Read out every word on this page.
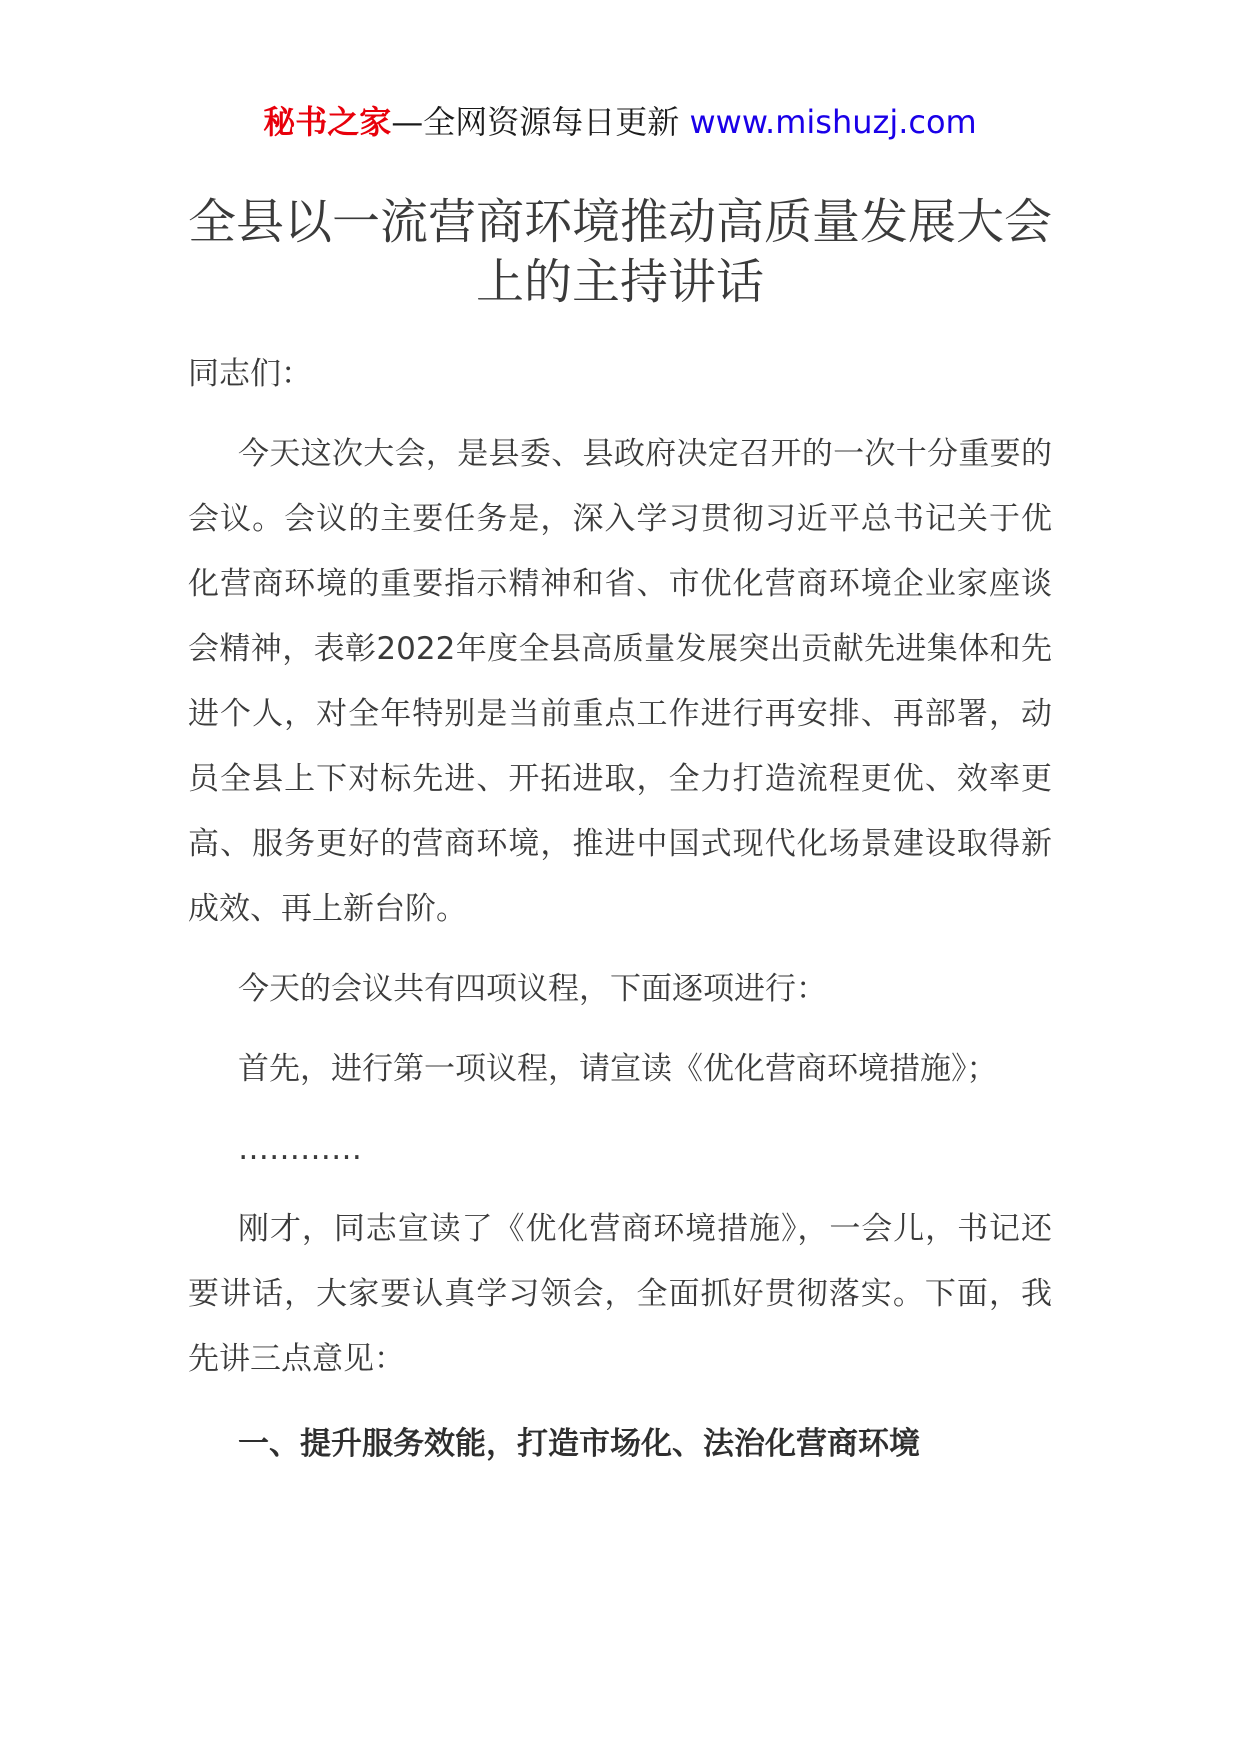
秘书之家—全网资源每日更新 www.mishuzj.com
全县以一流营商环境推动高质量发展大会上的主持讲话

同志们：

今天这次大会，是县委、县政府决定召开的一次十分重要的会议。会议的主要任务是，深入学习贯彻习近平总书记关于优化营商环境的重要指示精神和省、市优化营商环境企业家座谈会精神，表彰2022年度全县高质量发展突出贡献先进集体和先进个人，对全年特别是当前重点工作进行再安排、再部署，动员全县上下对标先进、开拓进取，全力打造流程更优、效率更高、服务更好的营商环境，推进中国式现代化场景建设取得新成效、再上新台阶。

今天的会议共有四项议程，下面逐项进行：

首先，进行第一项议程，请宣读《优化营商环境措施》；

…………

刚才，同志宣读了《优化营商环境措施》，一会儿，书记还要讲话，大家要认真学习领会，全面抓好贯彻落实。下面，我先讲三点意见：

一、提升服务效能，打造市场化、法治化营商环境
